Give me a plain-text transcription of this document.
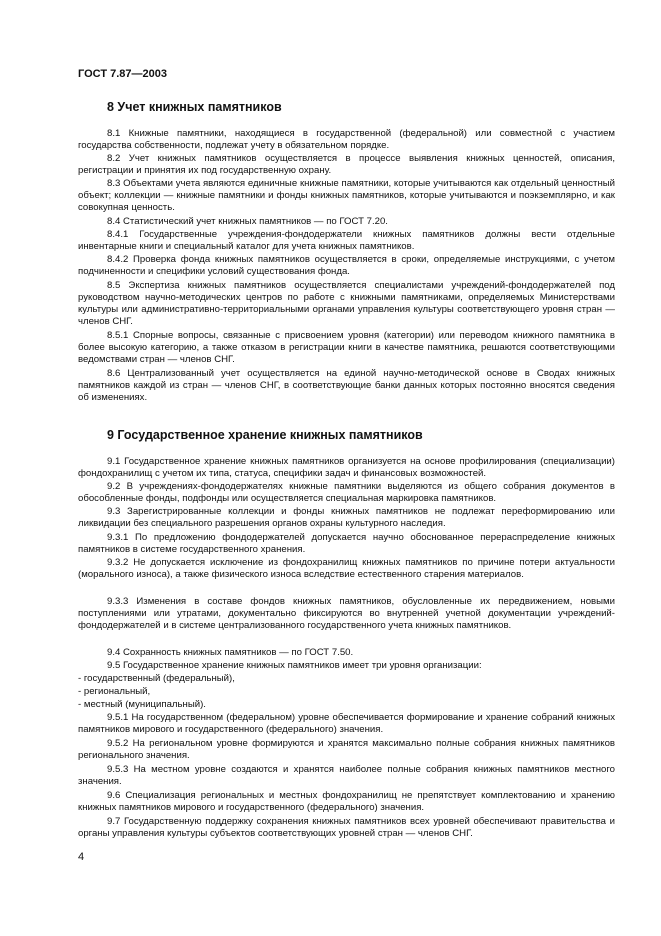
ГОСТ 7.87—2003
8 Учет книжных памятников

8.1 Книжные памятники, находящиеся в государственной (федеральной) или совместной с участием государства собственности, подлежат учету в обязательном порядке.

8.2 Учет книжных памятников осуществляется в процессе выявления книжных ценностей, описания, регистрации и принятия их под государственную охрану.

8.3 Объектами учета являются единичные книжные памятники, которые учитываются как отдельный ценностный объект; коллекции — книжные памятники и фонды книжных памятников, которые учитываются и поэкземплярно, и как совокупная ценность.

8.4 Статистический учет книжных памятников — по ГОСТ 7.20.

8.4.1 Государственные учреждения-фондодержатели книжных памятников должны вести отдельные инвентарные книги и специальный каталог для учета книжных памятников.

8.4.2 Проверка фонда книжных памятников осуществляется в сроки, определяемые инструкциями, с учетом подчиненности и специфики условий существования фонда.

8.5 Экспертиза книжных памятников осуществляется специалистами учреждений-фондодержателей под руководством научно-методических центров по работе с книжными памятниками, определяемых Министерствами культуры или административно-территориальными органами управления культуры соответствующего уровня стран — членов СНГ.

8.5.1 Спорные вопросы, связанные с присвоением уровня (категории) или переводом книжного памятника в более высокую категорию, а также отказом в регистрации книги в качестве памятника, решаются соответствующими ведомствами стран — членов СНГ.

8.6 Централизованный учет осуществляется на единой научно-методической основе в Сводах книжных памятников каждой из стран — членов СНГ, в соответствующие банки данных которых постоянно вносятся сведения об изменениях.

9 Государственное хранение книжных памятников

9.1 Государственное хранение книжных памятников организуется на основе профилирования (специализации) фондохранилищ с учетом их типа, статуса, специфики задач и финансовых возможностей.

9.2 В учреждениях-фондодержателях книжные памятники выделяются из общего собрания документов в обособленные фонды, подфонды или осуществляется специальная маркировка памятников.

9.3 Зарегистрированные коллекции и фонды книжных памятников не подлежат переформированию или ликвидации без специального разрешения органов охраны культурного наследия.

9.3.1 По предложению фондодержателей допускается научно обоснованное перераспределение книжных памятников в системе государственного хранения.

9.3.2 Не допускается исключение из фондохранилищ книжных памятников по причине потери актуальности (морального износа), а также физического износа вследствие естественного старения материалов.

9.3.3 Изменения в составе фондов книжных памятников, обусловленные их передвижением, новыми поступлениями или утратами, документально фиксируются во внутренней учетной документации учреждений-фондодержателей и в системе централизованного государственного учета книжных памятников.

9.4 Сохранность книжных памятников — по ГОСТ 7.50.

9.5 Государственное хранение книжных памятников имеет три уровня организации:

- государственный (федеральный),

- региональный,

- местный (муниципальный).

9.5.1 На государственном (федеральном) уровне обеспечивается формирование и хранение собраний книжных памятников мирового и государственного (федерального) значения.

9.5.2 На региональном уровне формируются и хранятся максимально полные собрания книжных памятников регионального значения.

9.5.3 На местном уровне создаются и хранятся наиболее полные собрания книжных памятников местного значения.

9.6 Специализация региональных и местных фондохранилищ не препятствует комплектованию и хранению книжных памятников мирового и государственного (федерального) значения.

9.7 Государственную поддержку сохранения книжных памятников всех уровней обеспечивают правительства и органы управления культуры субъектов соответствующих уровней стран — членов СНГ.

4
